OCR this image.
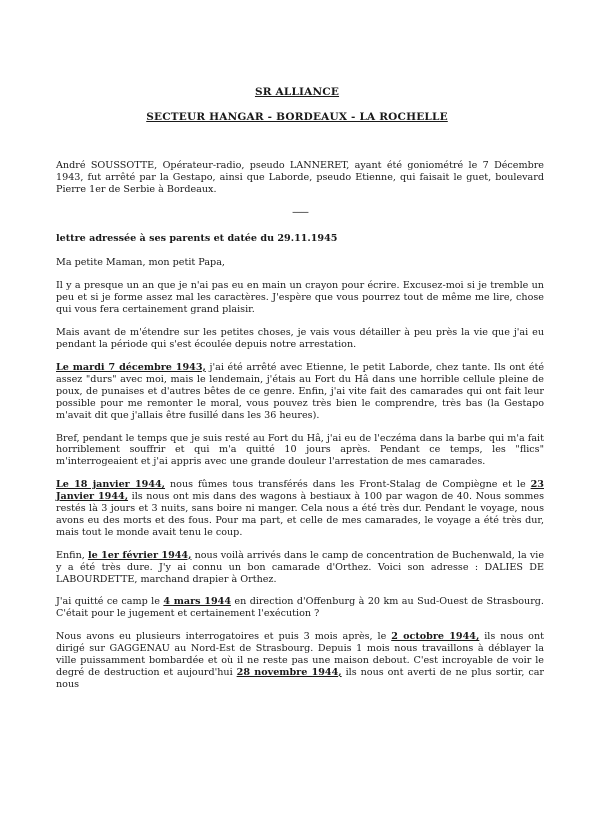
SR ALLIANCE
SECTEUR HANGAR - BORDEAUX - LA ROCHELLE

André SOUSSOTTE, Opérateur-radio, pseudo LANNERET, ayant été goniométré le 7 Décembre 1943, fut arrêté par la Gestapo, ainsi que Laborde, pseudo Etienne, qui faisait le guet, boulevard Pierre 1er de Serbie à Bordeaux.

-------
lettre adressée à ses parents et datée du 29.11.1945
Ma petite Maman, mon petit Papa,

Il y a presque un an que je n'ai pas eu en main un crayon pour écrire. Excusez-moi si je tremble un peu et si je forme assez mal les caractères. J'espère que vous pourrez tout de même me lire, chose qui vous fera certainement grand plaisir.

Mais avant de m'étendre sur les petites choses, je vais vous détailler à peu près la vie que j'ai eu pendant la période qui s'est écoulée depuis notre arrestation.

Le mardi 7 décembre 1943, j'ai été arrêté avec Etienne, le petit Laborde, chez tante. Ils ont été assez "durs" avec moi, mais le lendemain, j'étais au Fort du Hâ dans une horrible cellule pleine de poux, de punaises et d'autres bêtes de ce genre. Enfin, j'ai vite fait des camarades qui ont fait leur possible pour me remonter le moral, vous pouvez très bien le comprendre, très bas (la Gestapo m'avait dit que j'allais être fusillé dans les 36 heures).

Bref, pendant le temps que je suis resté au Fort du Hâ, j'ai eu de l'eczéma dans la barbe qui m'a fait horriblement souffrir et qui m'a quitté 10 jours après. Pendant ce temps, les "flics" m'interrogeaient et j'ai appris avec une grande douleur l'arrestation de mes camarades.

Le 18 janvier 1944, nous fûmes tous transférés dans les Front-Stalag de Compiègne et le 23 Janvier 1944, ils nous ont mis dans des wagons à bestiaux à 100 par wagon de 40. Nous sommes restés là 3 jours et 3 nuits, sans boire ni manger. Cela nous a été très dur. Pendant le voyage, nous avons eu des morts et des fous. Pour ma part, et celle de mes camarades, le voyage a été très dur, mais tout le monde avait tenu le coup.

Enfin, le 1er février 1944, nous voilà arrivés dans le camp de concentration de Buchenwald, la vie y a été très dure. J'y ai connu un bon camarade d'Orthez. Voici son adresse : DALIES DE LABOURDETTE, marchand drapier à Orthez.

J'ai quitté ce camp le 4 mars 1944 en direction d'Offenburg à 20 km au Sud-Ouest de Strasbourg. C'était pour le jugement et certainement l'exécution ?

Nous avons eu plusieurs interrogatoires et puis 3 mois après, le 2 octobre 1944, ils nous ont dirigé sur GAGGENAU au Nord-Est de Strasbourg. Depuis 1 mois nous travaillons à déblayer la ville puissamment bombardée et où il ne reste pas une maison debout. C'est incroyable de voir le degré de destruction et aujourd'hui 28 novembre 1944, ils nous ont averti de ne plus sortir, car nous
